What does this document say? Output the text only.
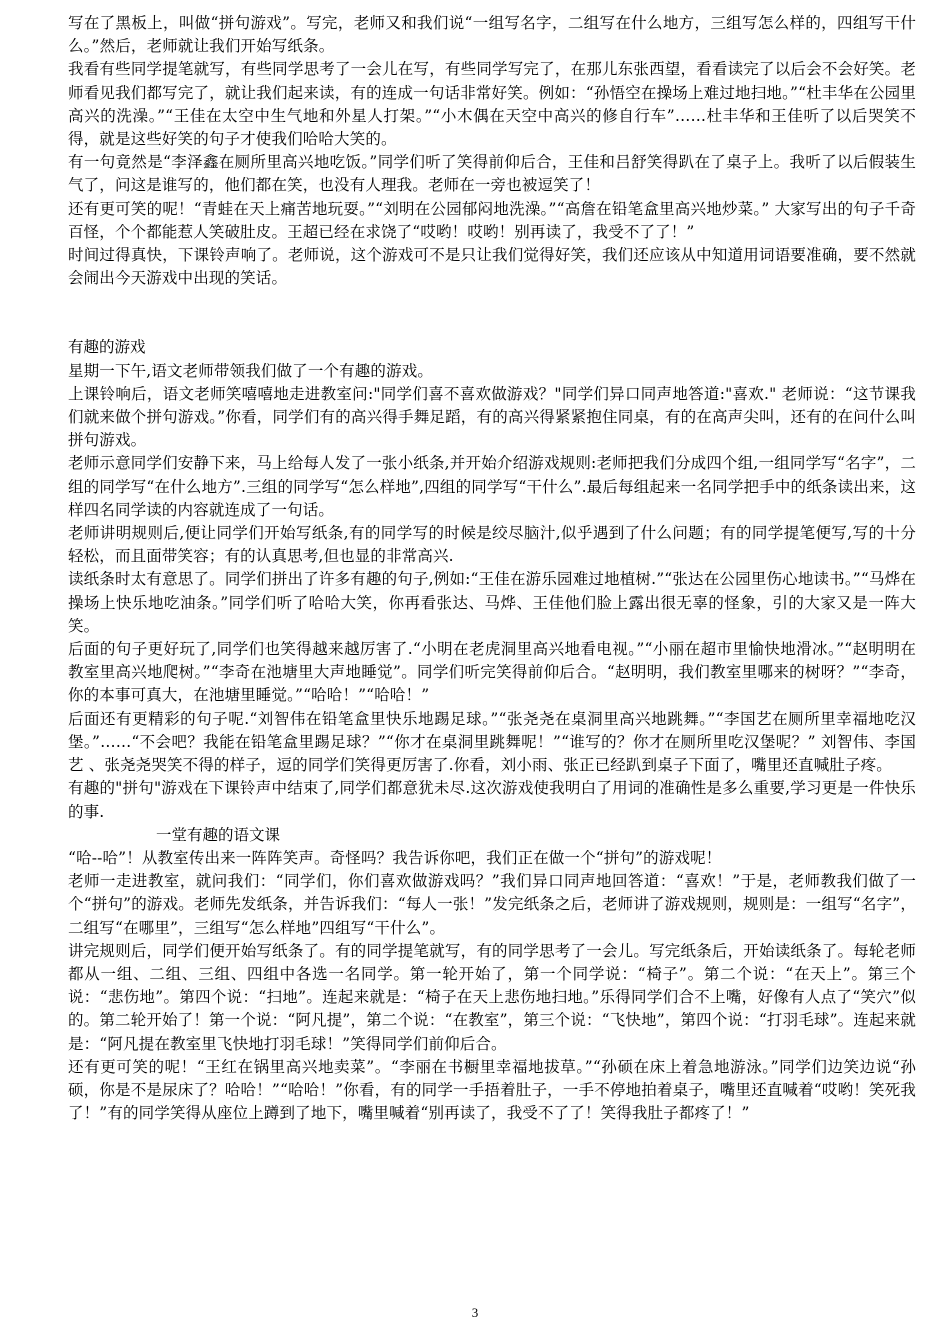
写在了黑板上，叫做“拼句游戏”。写完，老师又和我们说“一组写名字，二组写在什么地方，三组写怎么样的，四组写干什么。”然后，老师就让我们开始写纸条。

我看有些同学提笔就写，有些同学思考了一会儿在写，有些同学写完了，在那儿东张西望，看看读完了以后会不会好笑。老师看见我们都写完了，就让我们起来读，有的连成一句话非常好笑。例如：“孙悟空在操场上难过地扫地。”“杜丰华在公园里高兴的洗澡。”“王佳在太空中生气地和外星人打架。”“小木偶在天空中高兴的修自行车”……杜丰华和王佳听了以后哭笑不得，就是这些好笑的句子才使我们哈哈大笑的。

有一句竟然是“李泽鑫在厕所里高兴地吃饭。”同学们听了笑得前仰后合，王佳和吕舒笑得趴在了桌子上。我听了以后假装生气了，问这是谁写的，他们都在笑，也没有人理我。老师在一旁也被逗笑了！

还有更可笑的呢！“青蛙在天上痛苦地玩耍。”“刘明在公园郁闷地洗澡。”“高詹在铅笔盒里高兴地炒菜。” 大家写出的句子千奇百怪，个个都能惹人笑破肚皮。王超已经在求饶了“哎哟！哎哟！别再读了，我受不了了！”

时间过得真快，下课铃声响了。老师说，这个游戏可不是只让我们觉得好笑，我们还应该从中知道用词语要准确，要不然就会闹出今天游戏中出现的笑话。

有趣的游戏

星期一下午,语文老师带领我们做了一个有趣的游戏。

上课铃响后，语文老师笑嘻嘻地走进教室问:"同学们喜不喜欢做游戏？"同学们异口同声地答道:"喜欢." 老师说：“这节课我们就来做个拼句游戏。”你看，同学们有的高兴得手舞足蹈，有的高兴得紧紧抱住同桌，有的在高声尖叫，还有的在问什么叫拼句游戏。

老师示意同学们安静下来，马上给每人发了一张小纸条,并开始介绍游戏规则:老师把我们分成四个组,一组同学写“名字”，二组的同学写“在什么地方”.三组的同学写“怎么样地”,四组的同学写“干什么”.最后每组起来一名同学把手中的纸条读出来，这样四名同学读的内容就连成了一句话。

老师讲明规则后,便让同学们开始写纸条,有的同学写的时候是绞尽脑汁,似乎遇到了什么问题；有的同学提笔便写,写的十分轻松，而且面带笑容；有的认真思考,但也显的非常高兴.

读纸条时太有意思了。同学们拼出了许多有趣的句子,例如:“王佳在游乐园难过地植树.”“张达在公园里伤心地读书。”“马烨在操场上快乐地吃油条。”同学们听了哈哈大笑，你再看张达、马烨、王佳他们脸上露出很无辜的怪象，引的大家又是一阵大笑。

后面的句子更好玩了,同学们也笑得越来越厉害了.“小明在老虎洞里高兴地看电视。”“小丽在超市里愉快地滑冰。”“赵明明在教室里高兴地爬树。”“李奇在池塘里大声地睡觉”。同学们听完笑得前仰后合。“赵明明，我们教室里哪来的树呀？”“李奇，你的本事可真大，在池塘里睡觉。”“哈哈！”“哈哈！”

后面还有更精彩的句子呢.“刘智伟在铅笔盒里快乐地踢足球。”“张尧尧在桌洞里高兴地跳舞。”“李国艺在厕所里幸福地吃汉堡。”……“不会吧？我能在铅笔盒里踢足球？”“你才在桌洞里跳舞呢！”“谁写的？你才在厕所里吃汉堡呢？” 刘智伟、李国艺 、张尧尧哭笑不得的样子，逗的同学们笑得更厉害了.你看，刘小雨、张正已经趴到桌子下面了，嘴里还直喊肚子疼。

有趣的"拼句"游戏在下课铃声中结束了,同学们都意犹未尽.这次游戏使我明白了用词的准确性是多么重要,学习更是一件快乐的事.

一堂有趣的语文课

“哈--哈”！从教室传出来一阵阵笑声。奇怪吗？我告诉你吧，我们正在做一个“拼句”的游戏呢！

老师一走进教室，就问我们：“同学们，你们喜欢做游戏吗？”我们异口同声地回答道：“喜欢！”于是，老师教我们做了一个“拼句”的游戏。老师先发纸条，并告诉我们：“每人一张！”发完纸条之后，老师讲了游戏规则，规则是：一组写“名字”，二组写“在哪里”，三组写“怎么样地”四组写“干什么”。

讲完规则后，同学们便开始写纸条了。有的同学提笔就写，有的同学思考了一会儿。写完纸条后，开始读纸条了。每轮老师都从一组、二组、三组、四组中各选一名同学。第一轮开始了，第一个同学说：“椅子”。第二个说：“在天上”。第三个说：“悲伤地”。第四个说：“扫地”。连起来就是：“椅子在天上悲伤地扫地。”乐得同学们合不上嘴，好像有人点了“笑穴”似的。第二轮开始了！第一个说：“阿凡提”，第二个说：“在教室”，第三个说：“飞快地”，第四个说：“打羽毛球”。连起来就是：“阿凡提在教室里飞快地打羽毛球！”笑得同学们前仰后合。

还有更可笑的呢！“王红在锅里高兴地卖菜”。“李丽在书橱里幸福地拔草。”“孙硕在床上着急地游泳。”同学们边笑边说“孙硕，你是不是尿床了？哈哈！”“哈哈！”你看，有的同学一手捂着肚子，一手不停地拍着桌子，嘴里还直喊着“哎哟！笑死我了！”有的同学笑得从座位上蹲到了地下，嘴里喊着“别再读了，我受不了了！笑得我肚子都疼了！”

3
